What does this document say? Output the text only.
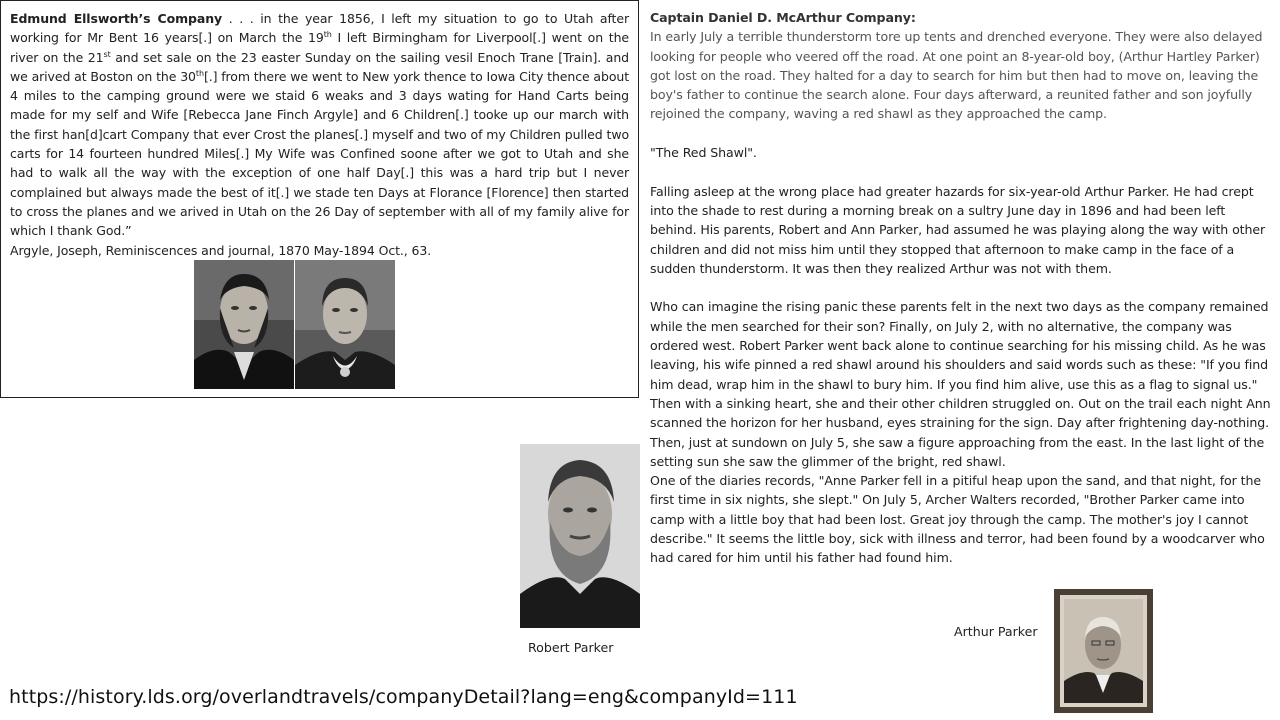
Edmund Ellsworth’s Company . . . in the year 1856, I left my situation to go to Utah after working for Mr Bent 16 years[.] on March the 19th I left Birmingham for Liverpool[.] went on the river on the 21st and set sale on the 23 easter Sunday on the sailing vesil Enoch Trane [Train]. and we arived at Boston on the 30th[.] from there we went to New york thence to Iowa City thence about 4 miles to the camping ground were we staid 6 weaks and 3 days wating for Hand Carts being made for my self and Wife [Rebecca Jane Finch Argyle] and 6 Children[.] tooke up our march with the first han[d]cart Company that ever Crost the planes[.] myself and two of my Children pulled two carts for 14 fourteen hundred Miles[.] My Wife was Confined soone after we got to Utah and she had to walk all the way with the exception of one half Day[.] this was a hard trip but I never complained but always made the best of it[.] we stade ten Days at Florance [Florence] then started to cross the planes and we arived in Utah on the 26 Day of september with all of my family alive for which I thank God.”

Argyle, Joseph, Reminiscences and journal, 1870 May-1894 Oct., 63.

Captain Daniel D. McArthur Company:

In early July a terrible thunderstorm tore up tents and drenched everyone. They were also delayed looking for people who veered off the road. At one point an 8-year-old boy, (Arthur Hartley Parker) got lost on the road. They halted for a day to search for him but then had to move on, leaving the boy's father to continue the search alone. Four days afterward, a reunited father and son joyfully rejoined the company, waving a red shawl as they approached the camp.

"The Red Shawl".

Falling asleep at the wrong place had greater hazards for six-year-old Arthur Parker. He had crept into the shade to rest during a morning break on a sultry June day in 1896 and had been left behind. His parents, Robert and Ann Parker, had assumed he was playing along the way with other children and did not miss him until they stopped that afternoon to make camp in the face of a sudden thunderstorm. It was then they realized Arthur was not with them.

Who can imagine the rising panic these parents felt in the next two days as the company remained while the men searched for their son? Finally, on July 2, with no alternative, the company was ordered west. Robert Parker went back alone to continue searching for his missing child. As he was leaving, his wife pinned a red shawl around his shoulders and said words such as these: "If you find him dead, wrap him in the shawl to bury him. If you find him alive, use this as a flag to signal us." Then with a sinking heart, she and their other children struggled on. Out on the trail each night Ann scanned the horizon for her husband, eyes straining for the sign. Day after frightening day-nothing. Then, just at sundown on July 5, she saw a figure approaching from the east. In the last light of the setting sun she saw the glimmer of the bright, red shawl.

One of the diaries records, "Anne Parker fell in a pitiful heap upon the sand, and that night, for the first time in six nights, she slept." On July 5, Archer Walters recorded, "Brother Parker came into camp with a little boy that had been lost. Great joy through the camp. The mother's joy I cannot describe." It seems the little boy, sick with illness and terror, had been found by a woodcarver who had cared for him until his father had found him.

Robert Parker
Arthur Parker
https://history.lds.org/overlandtravels/companyDetail?lang=eng&companyId=111
